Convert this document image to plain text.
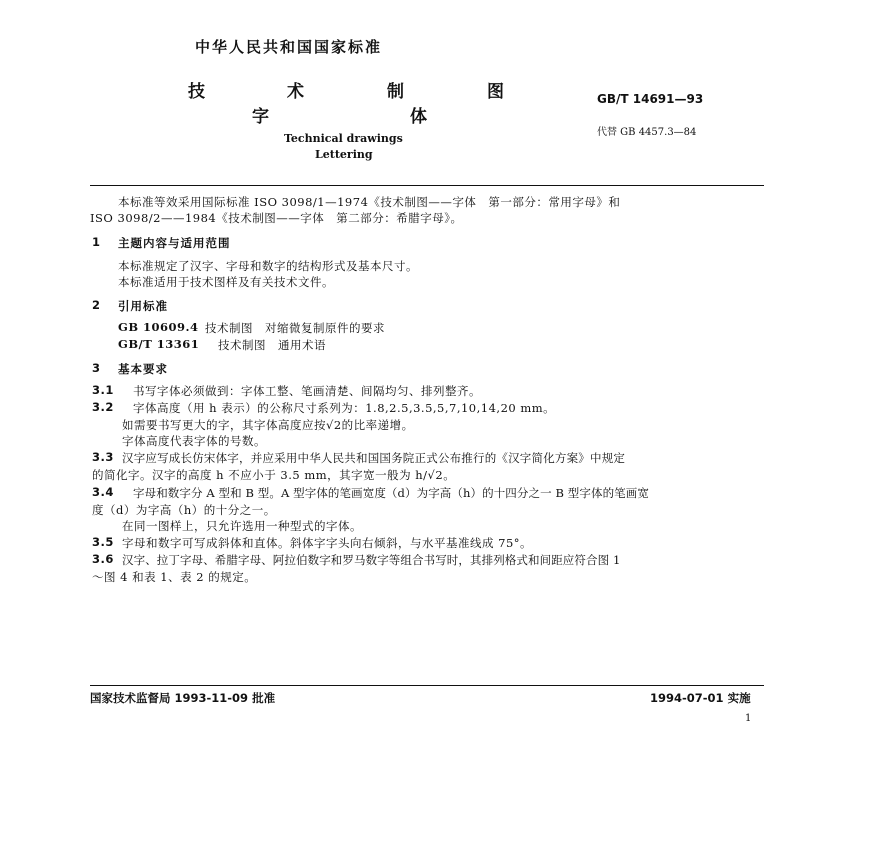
中华人民共和国国家标准
技	术	制	图
字	体
Technical drawings
Lettering
GB/T 14691—93
代替 GB 4457.3—84
本标准等效采用国际标准 ISO 3098/1—1974《技术制图——字体　第一部分：常用字母》和
ISO 3098/2——1984《技术制图——字体　第二部分：希腊字母》。
1 主题内容与适用范围
本标准规定了汉字、字母和数字的结构形式及基本尺寸。
本标准适用于技术图样及有关技术文件。
2 引用标准
GB 10609.4 技术制图　对缩微复制原件的要求
GB/T 13361 技术制图　通用术语
3 基本要求
3.1 书写字体必须做到：字体工整、笔画清楚、间隔均匀、排列整齐。
3.2 字体高度（用 h 表示）的公称尺寸系列为：1.8,2.5,3.5,5,7,10,14,20 mm。
如需要书写更大的字，其字体高度应按√2的比率递增。
字体高度代表字体的号数。
3.3 汉字应写成长仿宋体字，并应采用中华人民共和国国务院正式公布推行的《汉字简化方案》中规定
的简化字。汉字的高度 h 不应小于 3.5 mm，其字宽一般为 h/√2。
3.4 字母和数字分 A 型和 B 型。A 型字体的笔画宽度（d）为字高（h）的十四分之一 B 型字体的笔画宽
度（d）为字高（h）的十分之一。
在同一图样上，只允许选用一种型式的字体。
3.5 字母和数字可写成斜体和直体。斜体字字头向右倾斜，与水平基准线成 75°。
3.6 汉字、拉丁字母、希腊字母、阿拉伯数字和罗马数字等组合书写时，其排列格式和间距应符合图 1
～图 4 和表 1、表 2 的规定。
国家技术监督局 1993-11-09 批准	1994-07-01 实施
1
